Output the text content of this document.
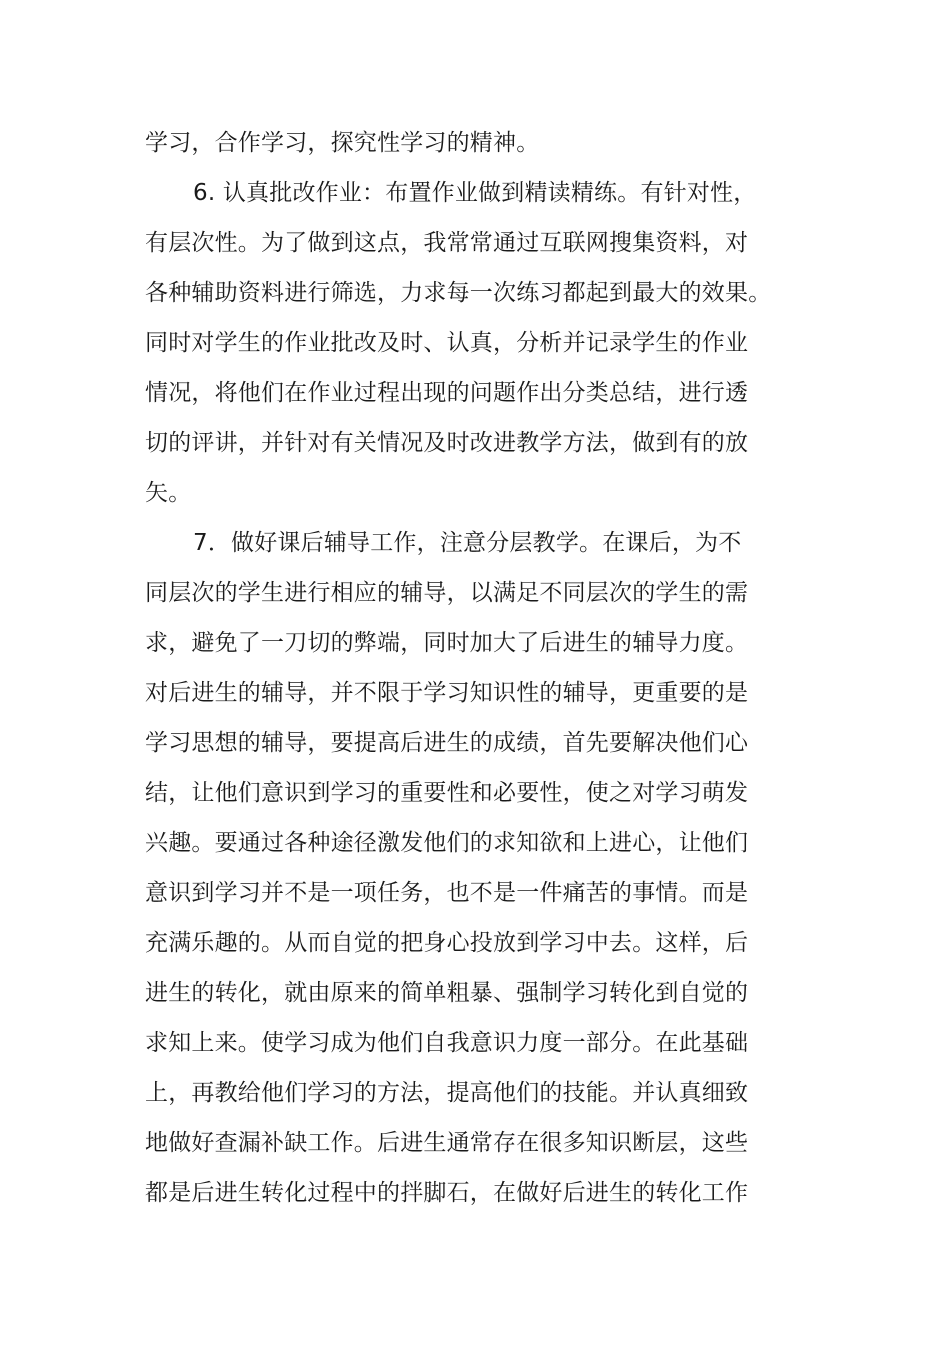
学习，合作学习，探究性学习的精神。
6. 认真批改作业：布置作业做到精读精练。有针对性，
有层次性。为了做到这点，我常常通过互联网搜集资料，对
各种辅助资料进行筛选，力求每一次练习都起到最大的效果。
同时对学生的作业批改及时、认真，分析并记录学生的作业
情况，将他们在作业过程出现的问题作出分类总结，进行透
切的评讲，并针对有关情况及时改进教学方法，做到有的放
矢。
7．做好课后辅导工作，注意分层教学。在课后，为不
同层次的学生进行相应的辅导，以满足不同层次的学生的需
求，避免了一刀切的弊端，同时加大了后进生的辅导力度。
对后进生的辅导，并不限于学习知识性的辅导，更重要的是
学习思想的辅导，要提高后进生的成绩，首先要解决他们心
结，让他们意识到学习的重要性和必要性，使之对学习萌发
兴趣。要通过各种途径激发他们的求知欲和上进心，让他们
意识到学习并不是一项任务，也不是一件痛苦的事情。而是
充满乐趣的。从而自觉的把身心投放到学习中去。这样，后
进生的转化，就由原来的简单粗暴、强制学习转化到自觉的
求知上来。使学习成为他们自我意识力度一部分。在此基础
上，再教给他们学习的方法，提高他们的技能。并认真细致
地做好查漏补缺工作。后进生通常存在很多知识断层，这些
都是后进生转化过程中的拌脚石，在做好后进生的转化工作
